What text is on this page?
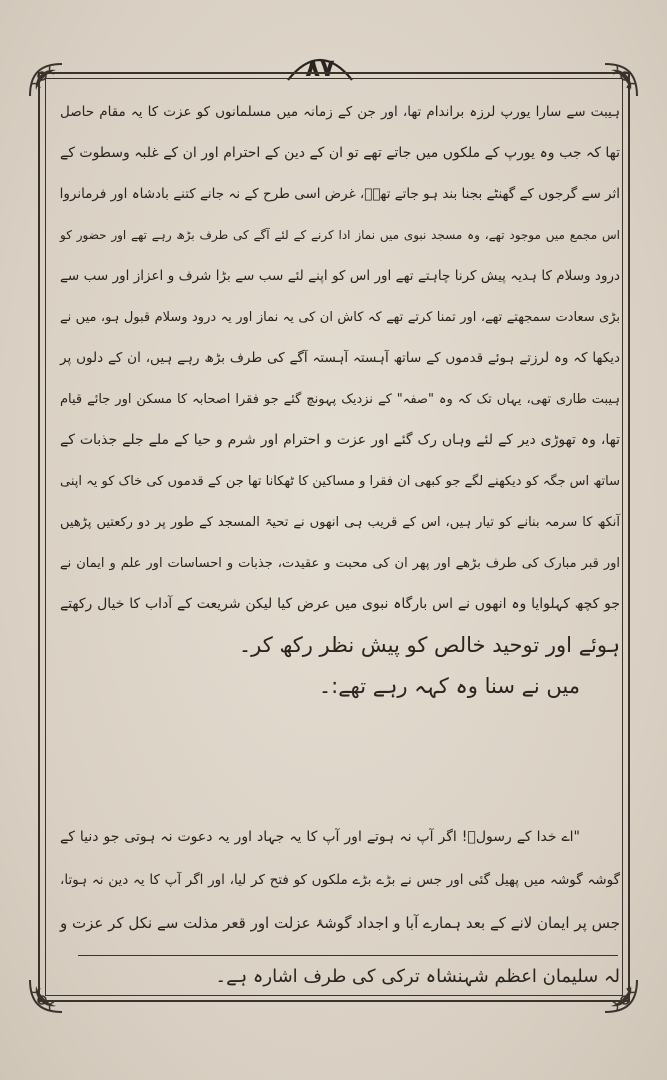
۸۷
ہیبت سے سارا یورپ لرزہ براندام تھا، اور جن کے زمانہ میں مسلمانوں کو عزت کا یہ مقام حاصل
تھا کہ جب وہ یورپ کے ملکوں میں جاتے تھے تو ان کے دین کے احترام اور ان کے غلبہ وسطوت کے
اثر سے گرجوں کے گھنٹے بجنا بند ہو جاتے تھےؔ، غرض اسی طرح کے نہ جانے کتنے بادشاہ اور فرمانروا
اس مجمع میں موجود تھے، وہ مسجد نبوی میں نماز ادا کرنے کے لئے آگے کی طرف بڑھ رہے تھے اور حضور کو
درود وسلام کا ہدیہ پیش کرنا چاہتے تھے اور اس کو اپنے لئے سب سے بڑا شرف و اعزاز اور سب سے
بڑی سعادت سمجھتے تھے، اور تمنا کرتے تھے کہ کاش ان کی یہ نماز اور یہ درود وسلام قبول ہو، میں نے
دیکھا کہ وہ لرزتے ہوئے قدموں کے ساتھ آہستہ آہستہ آگے کی طرف بڑھ رہے ہیں، ان کے دلوں پر
ہیبت طاری تھی، یہاں تک کہ وہ "صفہ" کے نزدیک پہونچ گئے جو فقرا اصحابہ کا مسکن اور جائے قیام
تھا، وہ تھوڑی دیر کے لئے وہاں رک گئے اور عزت و احترام اور شرم و حیا کے ملے جلے جذبات کے
ساتھ اس جگہ کو دیکھنے لگے جو کبھی ان فقرا و مساکین کا ٹھکانا تھا جن کے قدموں کی خاک کو یہ اپنی
آنکھ کا سرمہ بنانے کو تیار ہیں، اس کے قریب ہی انھوں نے تحیۃ المسجد کے طور پر دو رکعتیں پڑھیں
اور قبر مبارک کی طرف بڑھے اور پھر ان کی محبت و عقیدت، جذبات و احساسات اور علم و ایمان نے
جو کچھ کہلوایا وہ انھوں نے اس بارگاہ نبوی میں عرض کیا لیکن شریعت کے آداب کا خیال رکھتے
ہوئے اور توحید خالص کو پیش نظر رکھ کر۔
میں نے سنا وہ کہہ رہے تھے:۔
"اے خدا کے رسولؐ! اگر آپ نہ ہوتے اور آپ کا یہ جہاد اور یہ دعوت نہ ہوتی جو دنیا کے
گوشہ گوشہ میں پھیل گئی اور جس نے بڑے بڑے ملکوں کو فتح کر لیا، اور اگر آپ کا یہ دین نہ ہوتا،
جس پر ایمان لانے کے بعد ہمارے آبا و اجداد گوشۂ عزلت اور قعر مذلت سے نکل کر عزت و
لہ سلیمان اعظم شہنشاہ ترکی کی طرف اشارہ ہے۔
